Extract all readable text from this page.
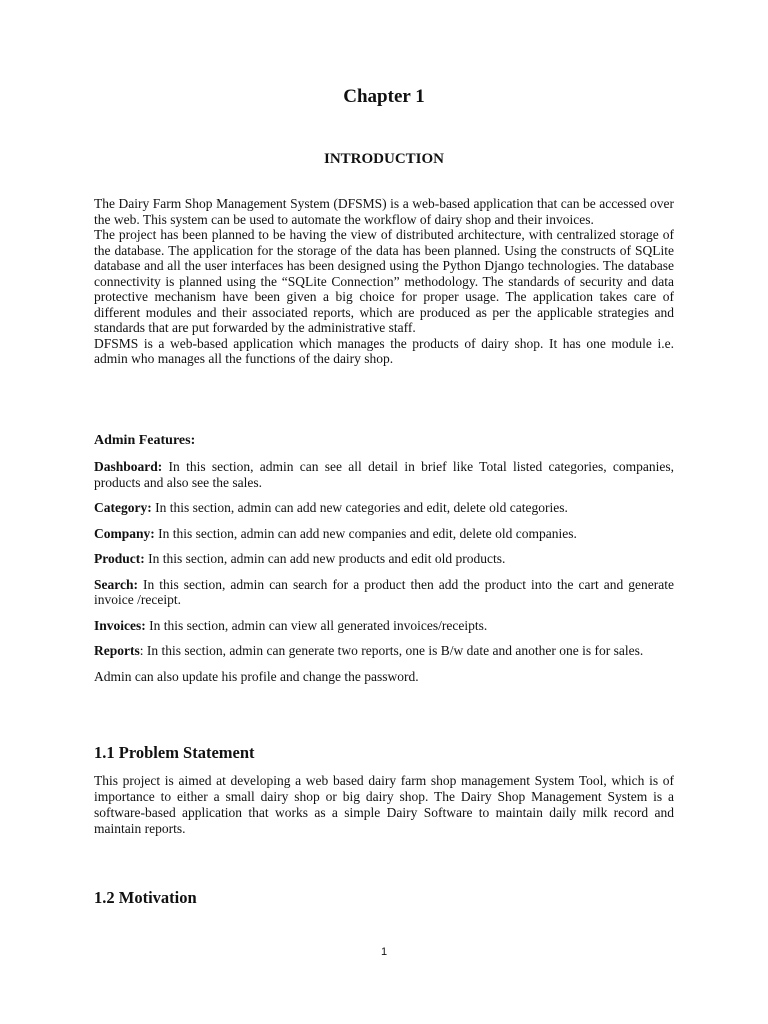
Chapter 1
INTRODUCTION

The Dairy Farm Shop Management System (DFSMS) is a web-based application that can be accessed over the web. This system can be used to automate the workflow of dairy shop and their invoices.

The project has been planned to be having the view of distributed architecture, with centralized storage of the database. The application for the storage of the data has been planned. Using the constructs of SQLite database and all the user interfaces has been designed using the Python Django technologies. The database connectivity is planned using the “SQLite Connection” methodology. The standards of security and data protective mechanism have been given a big choice for proper usage. The application takes care of different modules and their associated reports, which are produced as per the applicable strategies and standards that are put forwarded by the administrative staff.

DFSMS is a web-based application which manages the products of dairy shop. It has one module i.e. admin who manages all the functions of the dairy shop.

Admin Features:

Dashboard: In this section, admin can see all detail in brief like Total listed categories, companies, products and also see the sales.

Category: In this section, admin can add new categories and edit, delete old categories.

Company: In this section, admin can add new companies and edit, delete old companies.

Product: In this section, admin can add new products and edit old products.

Search: In this section, admin can search for a product then add the product into the cart and generate invoice /receipt.

Invoices: In this section, admin can view all generated invoices/receipts.

Reports: In this section, admin can generate two reports, one is B/w date and another one is for sales.

Admin can also update his profile and change the password.

1.1 Problem Statement

This project is aimed at developing a web based dairy farm shop management System Tool, which is of importance to either a small dairy shop or big dairy shop. The Dairy Shop Management System is a software-based application that works as a simple Dairy Software to maintain daily milk record and maintain reports.

1.2 Motivation
1
